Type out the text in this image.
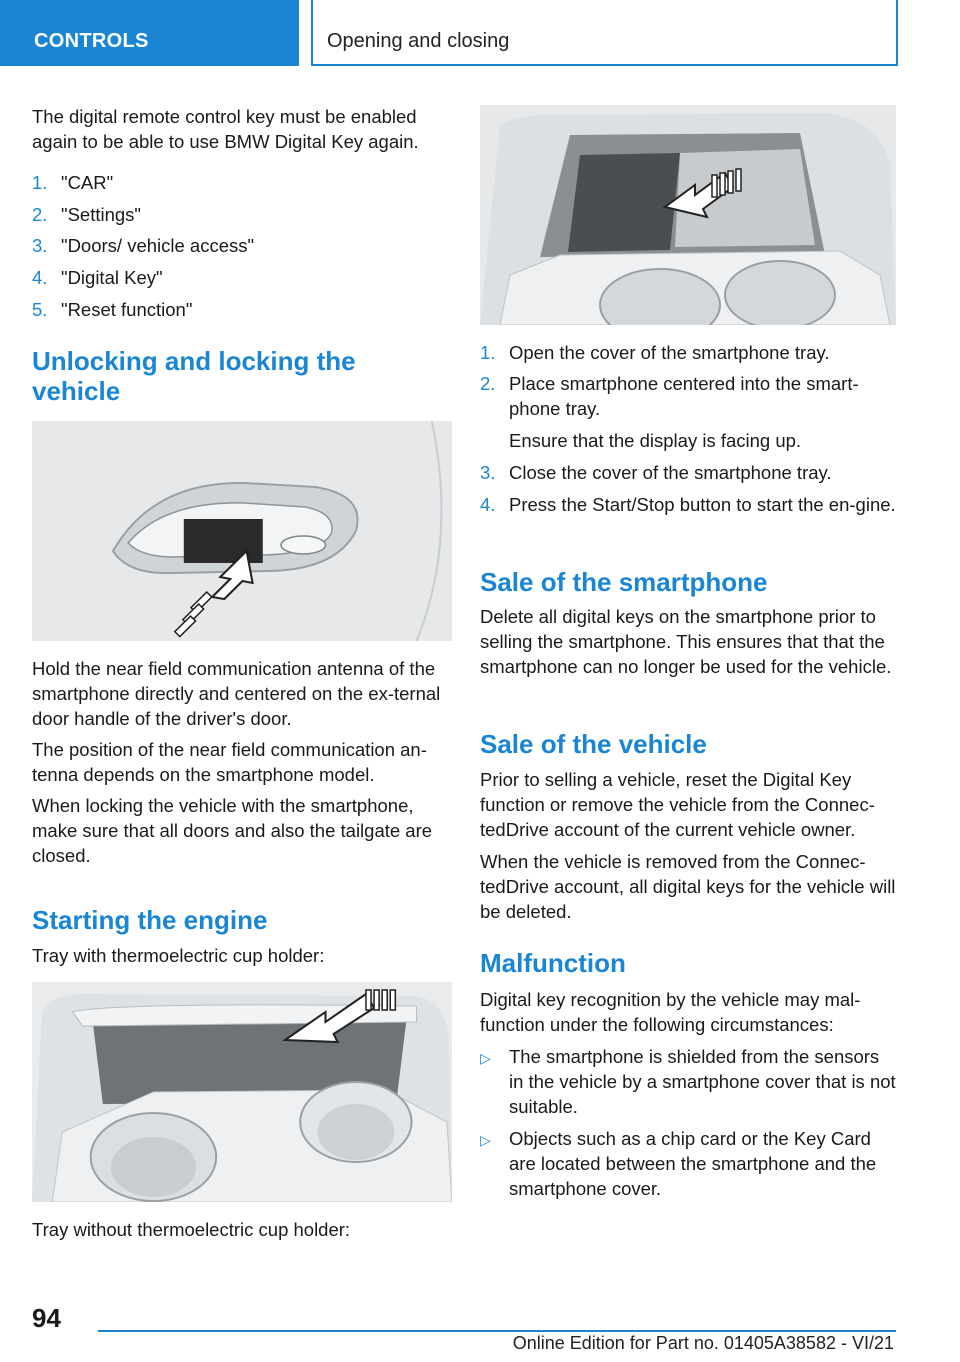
CONTROLS	Opening and closing

The digital remote control key must be enabled again to be able to use BMW Digital Key again.

1. "CAR"
2. "Settings"
3. "Doors/ vehicle access"
4. "Digital Key"
5. "Reset function"
Unlocking and locking the
vehicle

Hold the near field communication antenna of the smartphone directly and centered on the ex-ternal door handle of the driver's door.

The position of the near field communication an-tenna depends on the smartphone model.

When locking the vehicle with the smartphone, make sure that all doors and also the tailgate are closed.

Starting the engine

Tray with thermoelectric cup holder:

Tray without thermoelectric cup holder:

1. Open the cover of the smartphone tray.
2. Place smartphone centered into the smart-phone tray.
Ensure that the display is facing up.
3. Close the cover of the smartphone tray.
4. Press the Start/Stop button to start the en-gine.
Sale of the smartphone

Delete all digital keys on the smartphone prior to selling the smartphone. This ensures that that the smartphone can no longer be used for the vehicle.

Sale of the vehicle

Prior to selling a vehicle, reset the Digital Key function or remove the vehicle from the Connec-tedDrive account of the current vehicle owner.

When the vehicle is removed from the Connec-tedDrive account, all digital keys for the vehicle will be deleted.

Malfunction

Digital key recognition by the vehicle may mal-function under the following circumstances:

▷ The smartphone is shielded from the sensors in the vehicle by a smartphone cover that is not suitable.
▷ Objects such as a chip card or the Key Card are located between the smartphone and the smartphone cover.
94
Online Edition for Part no. 01405A38582 - VI/21
